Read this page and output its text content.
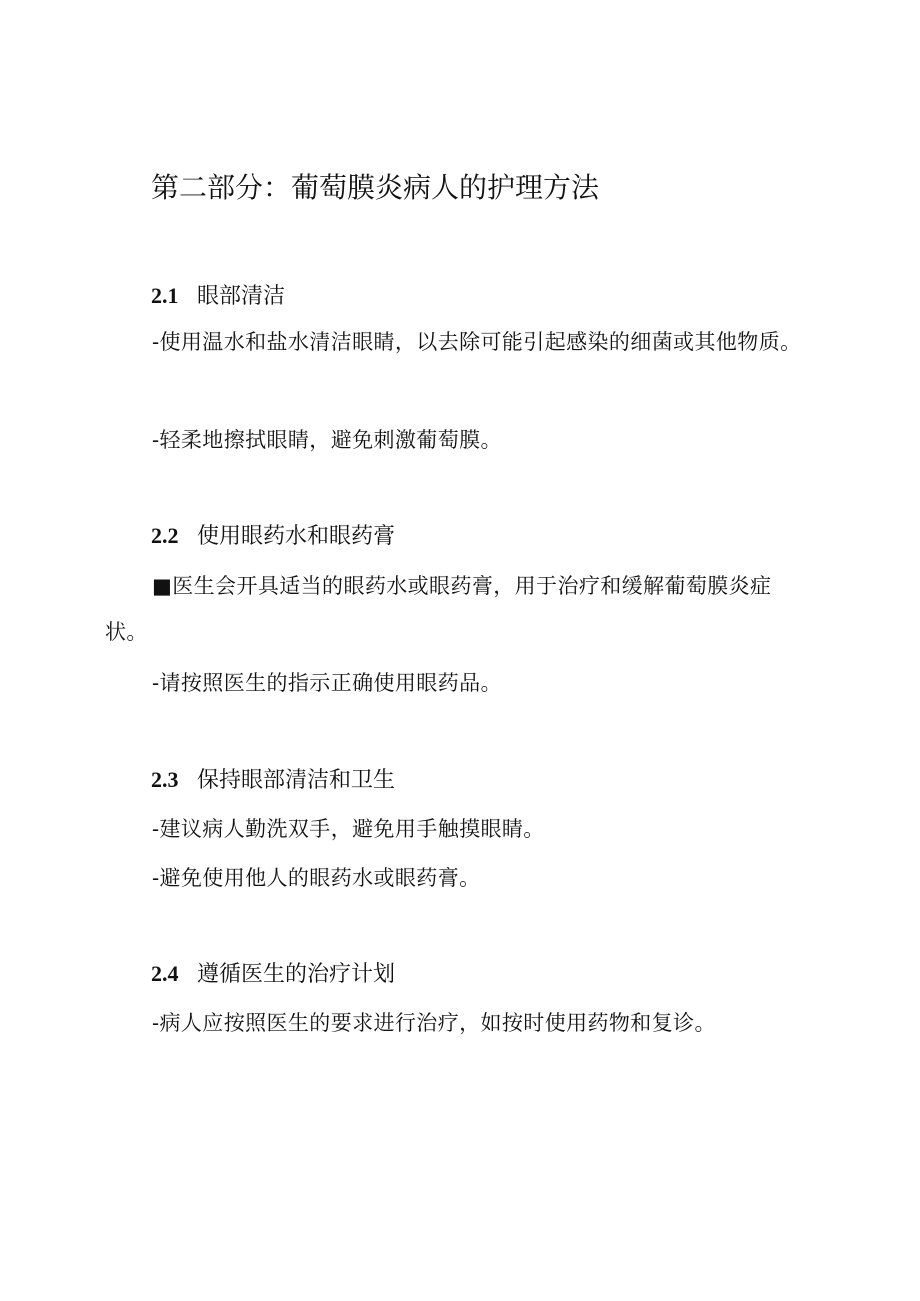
第二部分：葡萄膜炎病人的护理方法
2.1 眼部清洁
-使用温水和盐水清洁眼睛，以去除可能引起感染的细菌或其他物质。
-轻柔地擦拭眼睛，避免刺激葡萄膜。
2.2 使用眼药水和眼药膏
■医生会开具适当的眼药水或眼药膏，用于治疗和缓解葡萄膜炎症状。
-请按照医生的指示正确使用眼药品。
2.3 保持眼部清洁和卫生
-建议病人勤洗双手，避免用手触摸眼睛。
-避免使用他人的眼药水或眼药膏。
2.4 遵循医生的治疗计划
-病人应按照医生的要求进行治疗，如按时使用药物和复诊。
